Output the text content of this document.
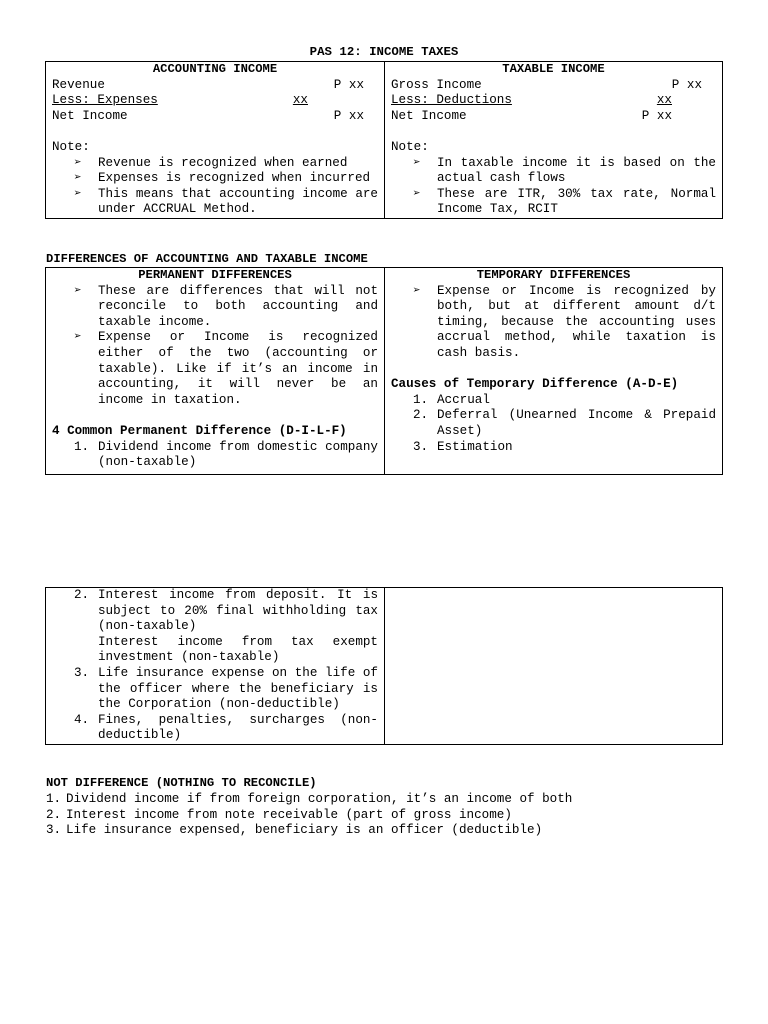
PAS 12: INCOME TAXES
ACCOUNTING INCOME
Revenue	P xx
Less: Expenses	xx
Net Income	P xx
Note:
➢ Revenue is recognized when earned
➢ Expenses is recognized when incurred
➢ This means that accounting income are under ACCRUAL Method.

TAXABLE INCOME
Gross Income	P xx
Less: Deductions	xx
Net Income	P xx
Note:
➢ In taxable income it is based on the actual cash flows
➢ These are ITR, 30% tax rate, Normal Income Tax, RCIT
DIFFERENCES OF ACCOUNTING AND TAXABLE INCOME
PERMANENT DIFFERENCES
➢ These are differences that will not reconcile to both accounting and taxable income.
➢ Expense or Income is recognized either of the two (accounting or taxable). Like if it’s an income in accounting, it will never be an income in taxation.
4 Common Permanent Difference (D-I-L-F)
1. Dividend income from domestic company (non-taxable)

TEMPORARY DIFFERENCES
➢ Expense or Income is recognized by both, but at different amount d/t timing, because the accounting uses accrual method, while taxation is cash basis.
Causes of Temporary Difference (A-D-E)
1. Accrual
2. Deferral (Unearned Income & Prepaid Asset)
3. Estimation
2. Interest income from deposit. It is subject to 20% final withholding tax (non-taxable)
Interest income from tax exempt investment (non-taxable)
3. Life insurance expense on the life of the officer where the beneficiary is the Corporation (non-deductible)
4. Fines, penalties, surcharges (non-deductible)

NOT DIFFERENCE (NOTHING TO RECONCILE)
1. Dividend income if from foreign corporation, it’s an income of both
2. Interest income from note receivable (part of gross income)
3. Life insurance expensed, beneficiary is an officer (deductible)
